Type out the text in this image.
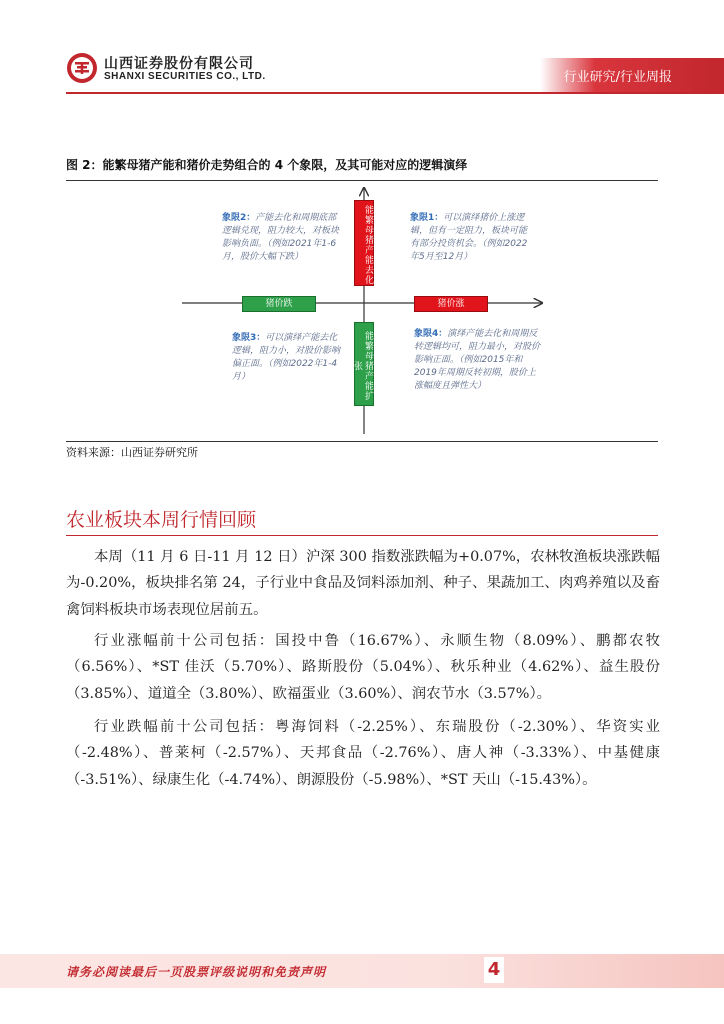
山西证券股份有限公司
SHANXI SECURITIES CO., LTD.	行业研究/行业周报
图 2：能繁母猪产能和猪价走势组合的 4 个象限，及其可能对应的逻辑演绎
能繁母猪产能去化
能繁母猪产能扩张
猪价跌	猪价涨
象限2：产能去化和周期底部逻辑兑现，阻力较大，对板块影响负面。（例如2021年1-6月，股价大幅下跌）
象限1：可以演绎猪价上涨逻辑，但有一定阻力，板块可能有部分投资机会。（例如2022年5月至12月）
象限3：可以演绎产能去化逻辑，阻力小，对股价影响偏正面。（例如2022年1-4月）
象限4：演绎产能去化和周期反转逻辑均可，阻力最小，对股价影响正面。（例如2015年和2019年周期反转初期，股价上涨幅度且弹性大）
资料来源：山西证券研究所
农业板块本周行情回顾

本周（11 月 6 日-11 月 12 日）沪深 300 指数涨跌幅为+0.07%，农林牧渔板块涨跌幅为-0.20%，板块排名第 24，子行业中食品及饲料添加剂、种子、果蔬加工、肉鸡养殖以及畜禽饲料板块市场表现位居前五。

行业涨幅前十公司包括：国投中鲁（16.67%）、永顺生物（8.09%）、鹏都农牧（6.56%）、*ST 佳沃（5.70%）、路斯股份（5.04%）、秋乐种业（4.62%）、益生股份（3.85%）、道道全（3.80%）、欧福蛋业（3.60%）、润农节水（3.57%）。

行业跌幅前十公司包括：粤海饲料（-2.25%）、东瑞股份（-2.30%）、华资实业（-2.48%）、普莱柯（-2.57%）、天邦食品（-2.76%）、唐人神（-3.33%）、中基健康（-3.51%）、绿康生化（-4.74%）、朗源股份（-5.98%）、*ST 天山（-15.43%）。

请务必阅读最后一页股票评级说明和免责声明	4
